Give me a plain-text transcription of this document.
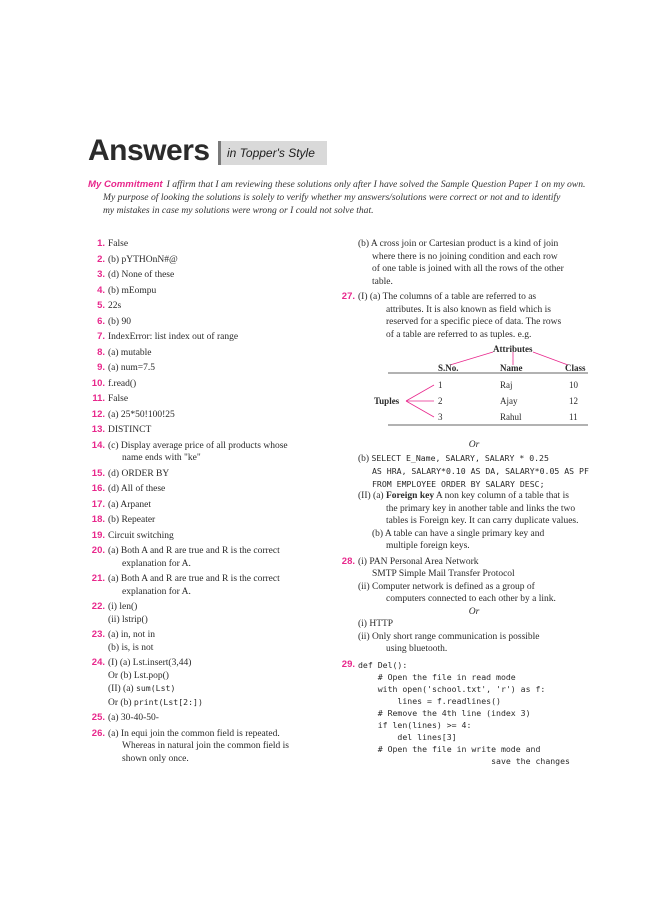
Answers	in Topper's Style
My Commitment I affirm that I am reviewing these solutions only after I have solved the Sample Question Paper 1 on my own.
My purpose of looking the solutions is solely to verify whether my answers/solutions were correct or not and to identify
my mistakes in case my solutions were wrong or I could not solve that.
1. False
2. (b) pYTHOnN#@
3. (d) None of these
4. (b) mEompu
5. 22s
6. (b) 90
7. IndexError: list index out of range
8. (a) mutable
9. (a) num=7.5
10. f.read()
11. False
12. (a) 25*50!100!25
13. DISTINCT
14. (c) Display average price of all products whose
name ends with "ke"
15. (d) ORDER BY
16. (d) All of these
17. (a) Arpanet
18. (b) Repeater
19. Circuit switching
20. (a) Both A and R are true and R is the correct
explanation for A.
21. (a) Both A and R are true and R is the correct
explanation for A.
22. (i) len()
(ii) lstrip()
23. (a) in, not in
(b) is, is not
24. (I) (a) Lst.insert(3,44)
Or (b) Lst.pop()
(II) (a) sum(Lst)
Or (b) print(Lst[2:])
25. (a) 30-40-50-
26. (a) In equi join the common field is repeated.
Whereas in natural join the common field is
shown only once.
(b) A cross join or Cartesian product is a kind of join
where there is no joining condition and each row
of one table is joined with all the rows of the other
table.
27. (I) (a) The columns of a table are referred to as
attributes. It is also known as field which is
reserved for a specific piece of data. The rows
of a table are referred to as tuples. e.g.
Attributes
Tuples
S.No.	Name	Class
1	Raj	10
2	Ajay	12
3	Rahul	11
Or
(b) SELECT E_Name, SALARY, SALARY * 0.25
AS HRA, SALARY*0.10 AS DA, SALARY*0.05 AS PF
FROM EMPLOYEE ORDER BY SALARY DESC;
(II) (a) Foreign key A non key column of a table that is
the primary key in another table and links the two
tables is Foreign key. It can carry duplicate values.
(b) A table can have a single primary key and
multiple foreign keys.
28. (i) PAN Personal Area Network
SMTP Simple Mail Transfer Protocol
(ii) Computer network is defined as a group of
computers connected to each other by a link.
Or
(i) HTTP
(ii) Only short range communication is possible
using bluetooth.
29. def Del():
# Open the file in read mode
with open('school.txt', 'r') as f:
lines = f.readlines()
# Remove the 4th line (index 3)
if len(lines) >= 4:
del lines[3]
# Open the file in write mode and
save the changes
